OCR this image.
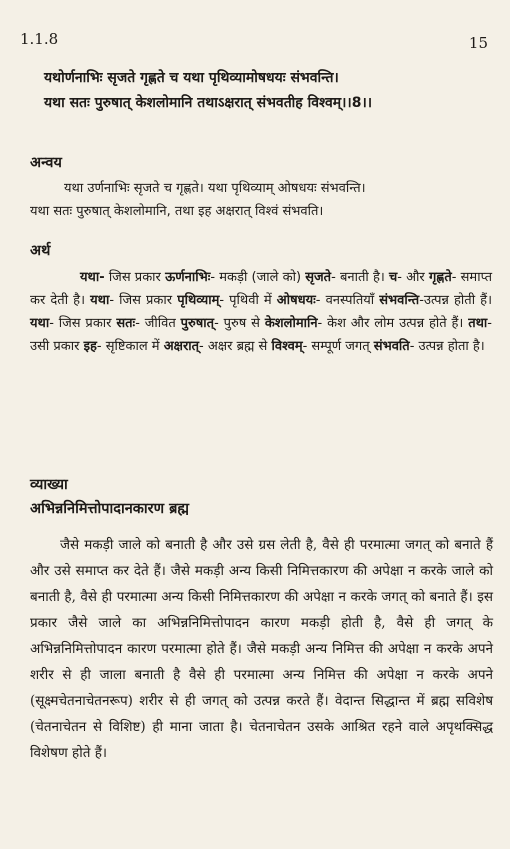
1.1.8	15

यथोर्णनाभिः सृजते गृह्णते च यथा पृथिव्यामोषधयः संभवन्ति।

यथा सतः पुरुषात् केशलोमानि तथाऽक्षरात् संभवतीह विश्वम्।।8।।

अन्वय

यथा उर्णनाभिः सृजते च गृह्णते। यथा पृथिव्याम् ओषधयः संभवन्ति।

यथा सतः पुरुषात् केशलोमानि, तथा इह अक्षरात् विश्वं संभवति।

अर्थ
यथा- जिस प्रकार ऊर्णनाभिः- मकड़ी (जाले को) सृजते- बनाती है। च- और गृह्णते- समाप्त कर देती है। यथा- जिस प्रकार पृथिव्याम्- पृथिवी में ओषधयः- वनस्पतियाँ संभवन्ति-उत्पन्न होती हैं। यथा- जिस प्रकार सतः- जीवित पुरुषात्- पुरुष से केशलोमानि- केश और लोम उत्पन्न होते हैं। तथा- उसी प्रकार इह- सृष्टिकाल में अक्षरात्- अक्षर ब्रह्म से विश्वम्- सम्पूर्ण जगत् संभवति- उत्पन्न होता है।
व्याख्या
अभिन्ननिमित्तोपादानकारण ब्रह्म
जैसे मकड़ी जाले को बनाती है और उसे ग्रस लेती है, वैसे ही परमात्मा जगत् को बनाते हैं और उसे समाप्त कर देते हैं। जैसे मकड़ी अन्य किसी निमित्तकारण की अपेक्षा न करके जाले को बनाती है, वैसे ही परमात्मा अन्य किसी निमित्तकारण की अपेक्षा न करके जगत् को बनाते हैं। इस प्रकार जैसे जाले का अभिन्ननिमित्तोपादन कारण मकड़ी होती है, वैसे ही जगत् के अभिन्ननिमित्तोपादन कारण परमात्मा होते हैं। जैसे मकड़ी अन्य निमित्त की अपेक्षा न करके अपने शरीर से ही जाला बनाती है वैसे ही परमात्मा अन्य निमित्त की अपेक्षा न करके अपने (सूक्ष्मचेतनाचेतनरूप) शरीर से ही जगत् को उत्पन्न करते हैं। वेदान्त सिद्धान्त में ब्रह्म सविशेष (चेतनाचेतन से विशिष्ट) ही माना जाता है। चेतनाचेतन उसके आश्रित रहने वाले अपृथक्सिद्ध विशेषण होते हैं।
